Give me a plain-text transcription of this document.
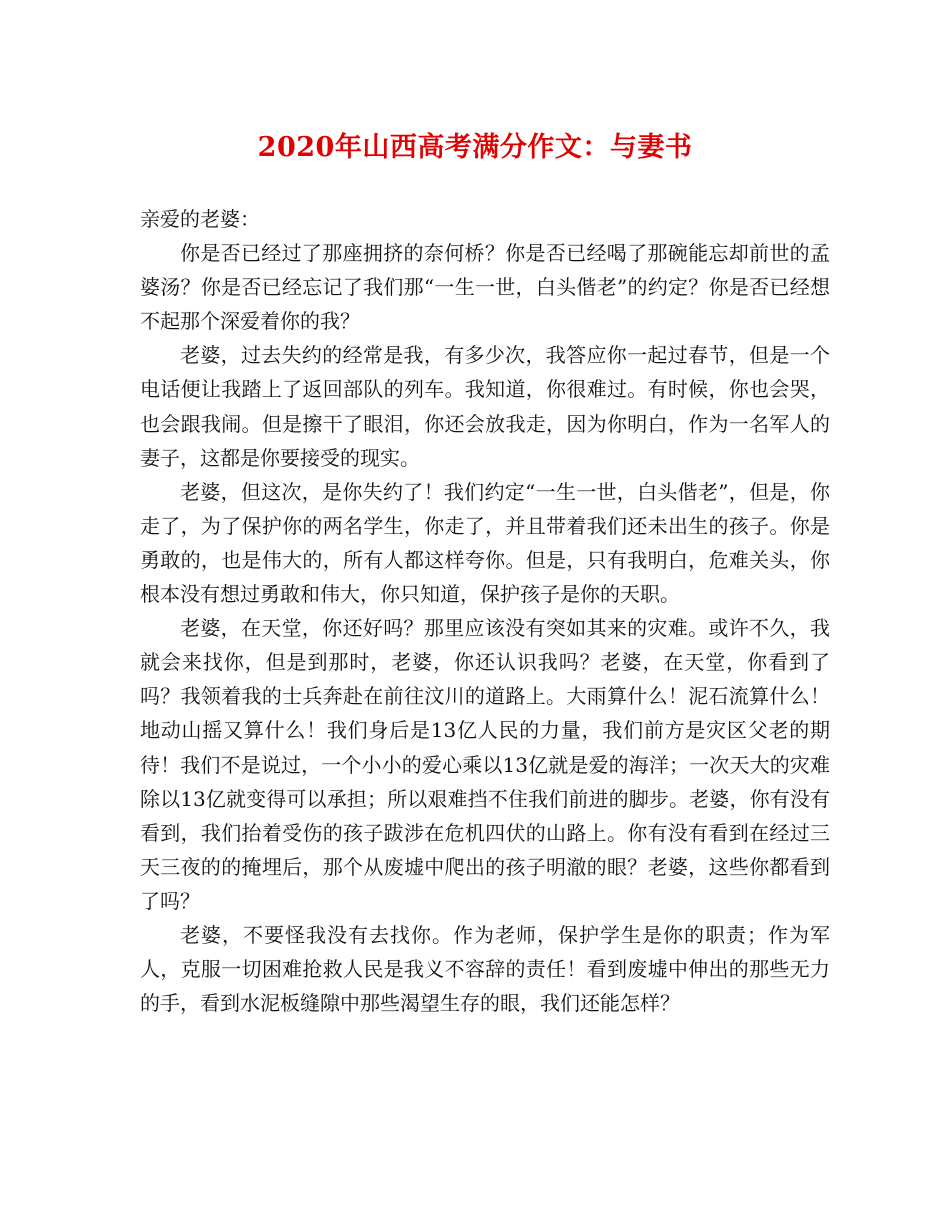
2020年山西高考满分作文：与妻书

亲爱的老婆：

你是否已经过了那座拥挤的奈何桥？你是否已经喝了那碗能忘却前世的孟婆汤？你是否已经忘记了我们那“一生一世，白头偕老”的约定？你是否已经想不起那个深爱着你的我？

老婆，过去失约的经常是我，有多少次，我答应你一起过春节，但是一个电话便让我踏上了返回部队的列车。我知道，你很难过。有时候，你也会哭，也会跟我闹。但是擦干了眼泪，你还会放我走，因为你明白，作为一名军人的妻子，这都是你要接受的现实。

老婆，但这次，是你失约了！我们约定“一生一世，白头偕老”，但是，你走了，为了保护你的两名学生，你走了，并且带着我们还未出生的孩子。你是勇敢的，也是伟大的，所有人都这样夸你。但是，只有我明白，危难关头，你根本没有想过勇敢和伟大，你只知道，保护孩子是你的天职。

老婆，在天堂，你还好吗？那里应该没有突如其来的灾难。或许不久，我就会来找你，但是到那时，老婆，你还认识我吗？老婆，在天堂，你看到了吗？我领着我的士兵奔赴在前往汶川的道路上。大雨算什么！泥石流算什么！地动山摇又算什么！我们身后是13亿人民的力量，我们前方是灾区父老的期待！我们不是说过，一个小小的爱心乘以13亿就是爱的海洋；一次天大的灾难除以13亿就变得可以承担；所以艰难挡不住我们前进的脚步。老婆，你有没有看到，我们抬着受伤的孩子跋涉在危机四伏的山路上。你有没有看到在经过三天三夜的的掩埋后，那个从废墟中爬出的孩子明澈的眼？老婆，这些你都看到了吗？

老婆，不要怪我没有去找你。作为老师，保护学生是你的职责；作为军人，克服一切困难抢救人民是我义不容辞的责任！看到废墟中伸出的那些无力的手，看到水泥板缝隙中那些渴望生存的眼，我们还能怎样？
